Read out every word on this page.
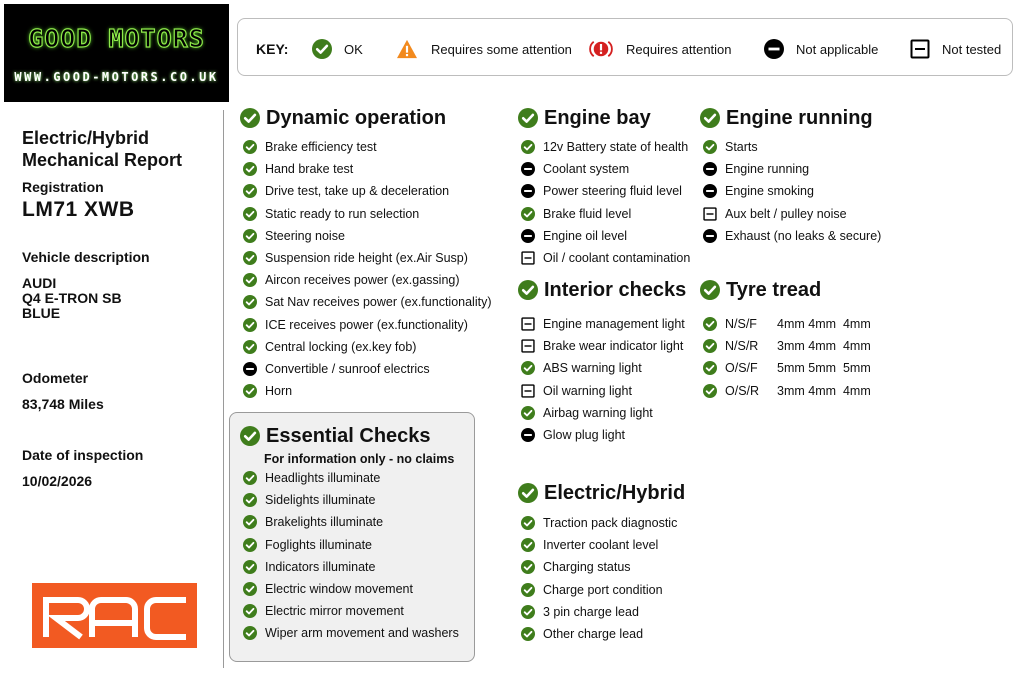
GOOD MOTORS
WWW.GOOD-MOTORS.CO.UK
KEY:	OK	Requires some attention	Requires attention	Not applicable	Not tested
Electric/Hybrid
Mechanical Report
Registration
LM71 XWB
Vehicle description
AUDI
Q4 E-TRON SB
BLUE
Odometer
83,748 Miles
Date of inspection
10/02/2026
Dynamic operation
Brake efficiency test
Hand brake test
Drive test, take up & deceleration
Static ready to run selection
Steering noise
Suspension ride height (ex.Air Susp)
Aircon receives power (ex.gassing)
Sat Nav receives power (ex.functionality)
ICE receives power (ex.functionality)
Central locking (ex.key fob)
Convertible / sunroof electrics
Horn
Essential Checks
For information only - no claims
Headlights illuminate
Sidelights illuminate
Brakelights illuminate
Foglights illuminate
Indicators illuminate
Electric window movement
Electric mirror movement
Wiper arm movement and washers
Engine bay
12v Battery state of health
Coolant system
Power steering fluid level
Brake fluid level
Engine oil level
Oil / coolant contamination
Interior checks
Engine management light
Brake wear indicator light
ABS warning light
Oil warning light
Airbag warning light
Glow plug light
Electric/Hybrid
Traction pack diagnostic
Inverter coolant level
Charging status
Charge port condition
3 pin charge lead
Other charge lead
Engine running
Starts
Engine running
Engine smoking
Aux belt / pulley noise
Exhaust (no leaks & secure)
Tyre tread
N/S/F	4mm 4mm  4mm
N/S/R	3mm 4mm  4mm
O/S/F	5mm 5mm  5mm
O/S/R	3mm 4mm  4mm
